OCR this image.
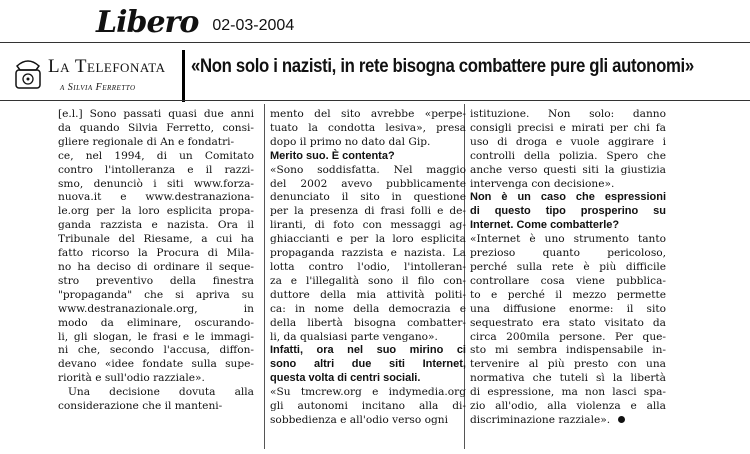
Libero 02-03-2004
La Telefonata
a Silvia Ferretto
«Non solo i nazisti, in rete bisogna combattere pure gli autonomi»
[e.l.] Sono passati quasi due anni
da quando Silvia Ferretto, consi-
gliere regionale di An e fondatri-
ce, nel 1994, di un Comitato
contro l'intolleranza e il razzi-
smo, denunciò i siti www.forza-
nuova.it e www.destranaziona-
le.org per la loro esplicita propa-
ganda razzista e nazista. Ora il
Tribunale del Riesame, a cui ha
fatto ricorso la Procura di Mila-
no ha deciso di ordinare il seque-
stro preventivo della finestra
"propaganda" che si apriva su
www.destranazionale.org, in
modo da eliminare, oscurando-
li, gli slogan, le frasi e le immagi-
ni che, secondo l'accusa, diffon-
devano «idee fondate sulla supe-
riorità e sull'odio razziale».
Una decisione dovuta alla
considerazione che il manteni-
mento del sito avrebbe «perpe-
tuato la condotta lesiva», presa
dopo il primo no dato dal Gip.
Merito suo. È contenta?
«Sono soddisfatta. Nel maggio
del 2002 avevo pubblicamente
denunciato il sito in questione
per la presenza di frasi folli e de-
liranti, di foto con messaggi ag-
ghiaccianti e per la loro esplicita
propaganda razzista e nazista. La
lotta contro l'odio, l'intolleran-
za e l'illegalità sono il filo con-
duttore della mia attività politi-
ca: in nome della democrazia e
della libertà bisogna combatter-
li, da qualsiasi parte vengano».
Infatti, ora nel suo mirino ci
sono altri due siti Internet,
questa volta di centri sociali.
«Su tmcrew.org e indymedia.org
gli autonomi incitano alla di-
sobbedienza e all'odio verso ogni
istituzione. Non solo: danno
consigli precisi e mirati per chi fa
uso di droga e vuole aggirare i
controlli della polizia. Spero che
anche verso questi siti la giustizia
intervenga con decisione».
Non è un caso che espressioni
di questo tipo prosperino su
Internet. Come combatterle?
«Internet è uno strumento tanto
prezioso quanto pericoloso,
perché sulla rete è più difficile
controllare cosa viene pubblica-
to e perché il mezzo permette
una diffusione enorme: il sito
sequestrato era stato visitato da
circa 200mila persone. Per que-
sto mi sembra indispensabile in-
tervenire al più presto con una
normativa che tuteli sì la libertà
di espressione, ma non lasci spa-
zio all'odio, alla violenza e alla
discriminazione razziale».
